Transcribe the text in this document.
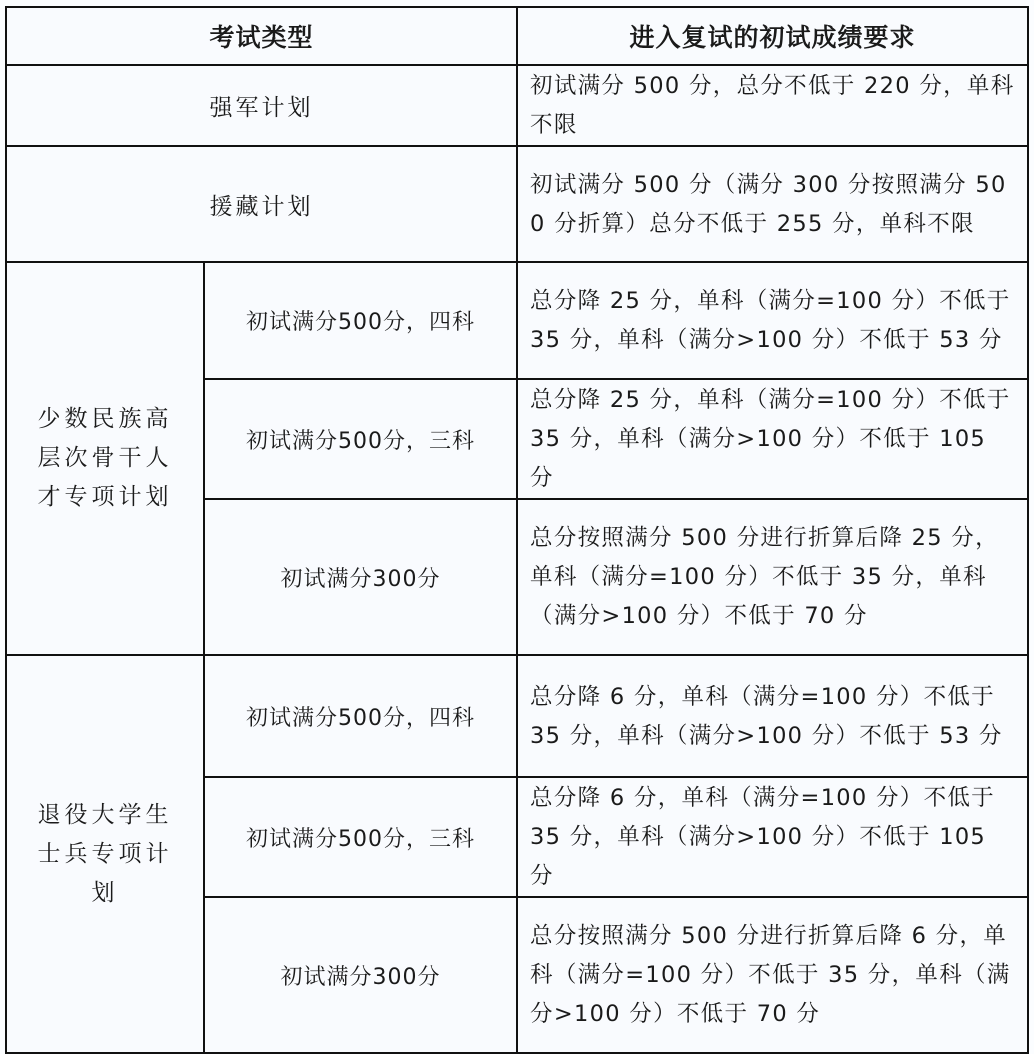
考试类型		进入复试的初试成绩要求
强军计划		初试满分 500 分，总分不低于 220 分，单科不限
援藏计划		初试满分 500 分（满分 300 分按照满分 500 分折算）总分不低于 255 分，单科不限
少数民族高层次骨干人才专项计划	初试满分500分，四科	总分降 25 分，单科（满分=100 分）不低于 35 分，单科（满分>100 分）不低于 53 分
	初试满分500分，三科	总分降 25 分，单科（满分=100 分）不低于 35 分，单科（满分>100 分）不低于 105 分
	初试满分300分	总分按照满分 500 分进行折算后降 25 分，单科（满分=100 分）不低于 35 分，单科（满分>100 分）不低于 70 分
退役大学生士兵专项计划	初试满分500分，四科	总分降 6 分，单科（满分=100 分）不低于 35 分，单科（满分>100 分）不低于 53 分
	初试满分500分，三科	总分降 6 分，单科（满分=100 分）不低于 35 分，单科（满分>100 分）不低于 105 分
	初试满分300分	总分按照满分 500 分进行折算后降 6 分，单科（满分=100 分）不低于 35 分，单科（满分>100 分）不低于 70 分
